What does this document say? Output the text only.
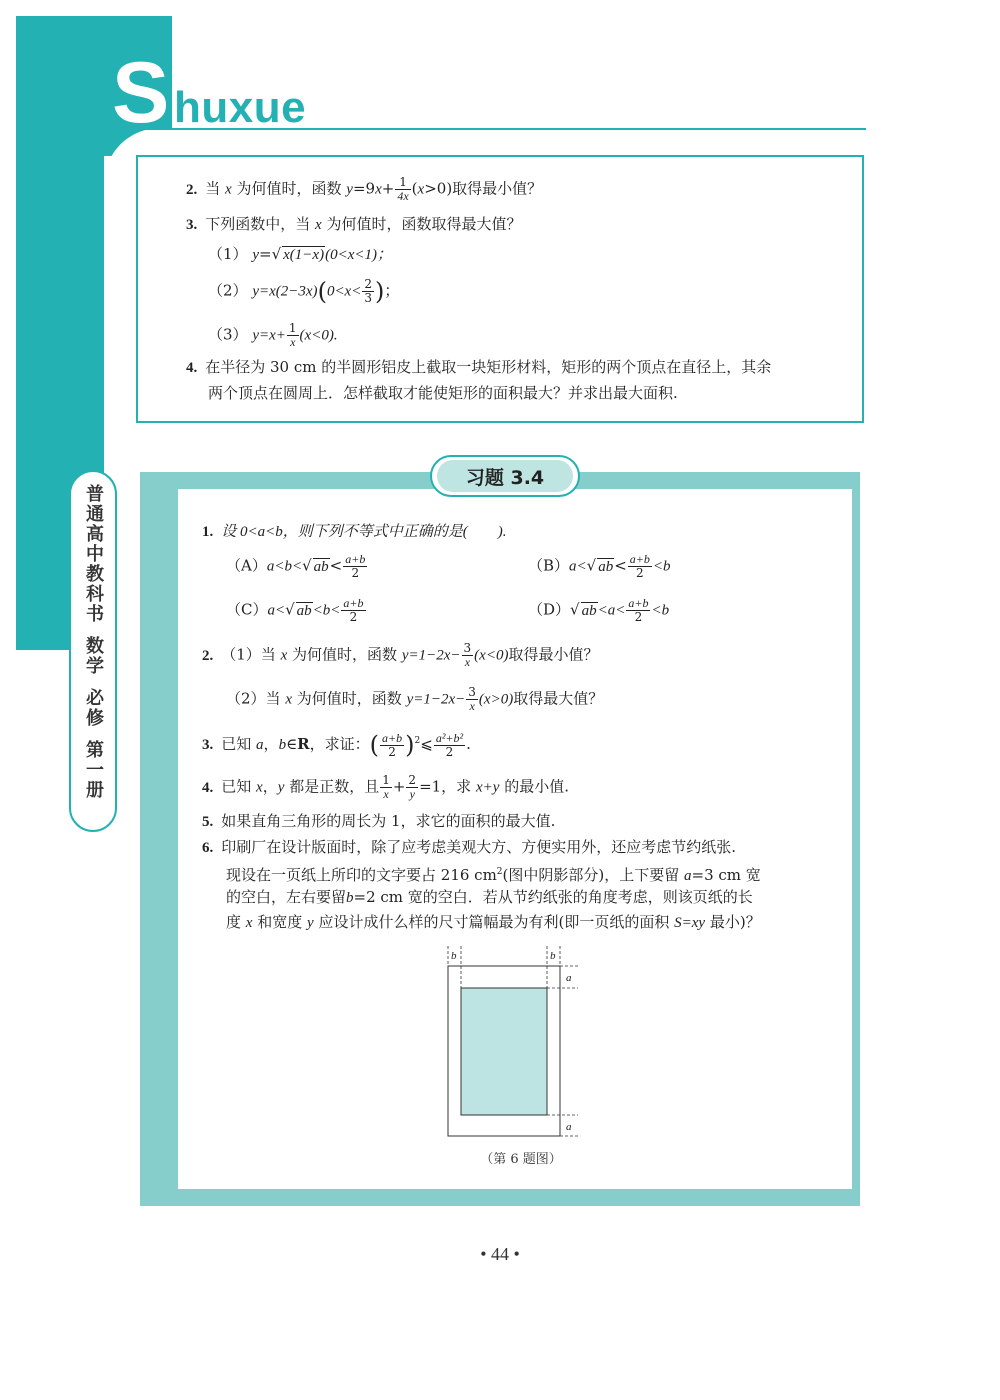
S huxue
普通高中教科书
数学
必修
第一册
2. 当 x 为何值时，函数 $y=9x+ \frac{1}{4x} (x>0)$取得最小值？
3. 下列函数中，当 x 为何值时，函数取得最大值？
（1） y=√ x(1−x)(0<x<1)；
（2） $y=x(2-3x)(0<x< \frac{2}{3}$ )；
（3） $y=x+ \frac{1}{x} (x<0)$.
4. 在半径为 30 cm 的半圆形铝皮上截取一块矩形材料，矩形的两个顶点在直径上，其余
两个顶点在圆周上．怎样截取才能使矩形的面积最大？并求出最大面积.
习题 3.4
1. 设 0<a<b，则下列不等式中正确的是(　　).
（A）a<b<√ $ab< \frac{a+b}{2}$	（B）a<√ $ab< \frac{a+b}{2} <b$
（C）a<√ $ab<b< \frac{a+b}{2}$	（D）√ $ab<a< \frac{a+b}{2} <b$
2. （1）当 x 为何值时，函数 $y=1-2x- \frac{3}{x} (x<0)$取得最小值？
（2）当 x 为何值时，函数 $y=1-2x- \frac{3}{x} (x>0)$取得最大值？
3. 已知 a，b∈R，求证：( $\frac{a+b}{2}$ )$^2$⩽ $\frac{\text{a²+b²}}{2}$ .
4. 已知 x，y 都是正数，且 $\frac{1}{x} + \frac{2}{y} =1$，求 x+y 的最小值.
5. 如果直角三角形的周长为 1，求它的面积的最大值.
6. 印刷厂在设计版面时，除了应考虑美观大方、方便实用外，还应考虑节约纸张.
现设在一页纸上所印的文字要占 216 $cm^2$(图中阴影部分)，上下要留 a=3 cm 宽
的空白，左右要留b=2 cm 宽的空白．若从节约纸张的角度考虑，则该页纸的长
度 x 和宽度 y 应设计成什么样的尺寸篇幅最为有利(即一页纸的面积 S=xy 最小)？
b	b
a
a
（第 6 题图）
• 44 •
